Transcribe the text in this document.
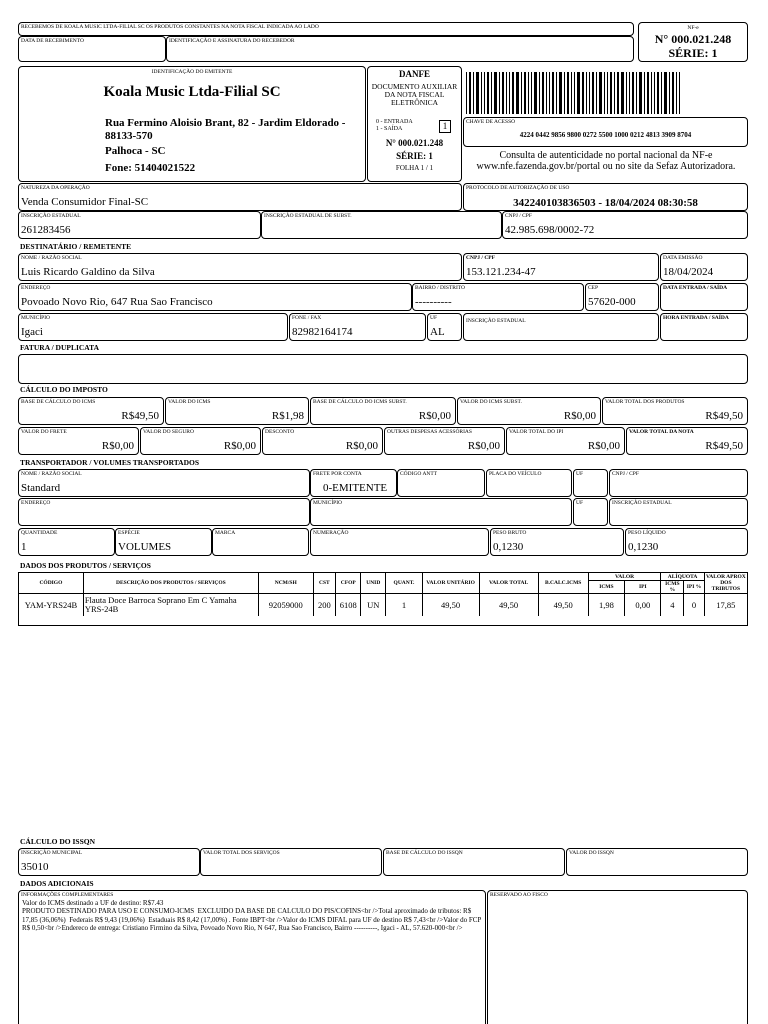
RECEBEMOS DE KOALA MUSIC LTDA-FILIAL SC OS PRODUTOS CONSTANTES NA NOTA FISCAL INDICADA AO LADO
DATA DE RECEBIMENTO	IDENTIFICAÇÃO E ASSINATURA DO RECEBEDOR
NF-e
N° 000.021.248
SÉRIE: 1
IDENTIFICAÇÃO DO EMITENTE
Koala Music Ltda-Filial SC
Rua Fermino Aloisio Brant, 82 - Jardim Eldorado - 88133-570
Palhoca - SC
Fone: 51404021522
DANFE
DOCUMENTO AUXILIAR
DA NOTA FISCAL
ELETRÔNICA
0 - ENTRADA
1 - SAÍDA	1
N° 000.021.248
SÉRIE: 1
FOLHA 1 / 1
CHAVE DE ACESSO
4224 0442 9856 9800 0272 5500 1000 0212 4813 3909 8704
Consulta de autenticidade no portal nacional da NF-e www.nfe.fazenda.gov.br/portal ou no site da Sefaz Autorizadora.
NATUREZA DA OPERAÇÃO
Venda Consumidor Final-SC
PROTOCOLO DE AUTORIZAÇÃO DE USO
342240103836503 - 18/04/2024 08:30:58
INSCRIÇÃO ESTADUAL
261283456
INSCRIÇÃO ESTADUAL DE SUBST.	CNPJ / CPF
42.985.698/0002-72
DESTINATÁRIO / REMETENTE
NOME / RAZÃO SOCIAL
Luis Ricardo Galdino da Silva
CNPJ / CPF
153.121.234-47
DATA EMISSÃO
18/04/2024
ENDEREÇO
Povoado Novo Rio, 647 Rua Sao Francisco
BAIRRO / DISTRITO
----------
CEP
57620-000
DATA ENTRADA / SAÍDA
MUNICÍPIO
Igaci
FONE / FAX
82982164174
UF
AL
INSCRIÇÃO ESTADUAL	HORA ENTRADA / SAÍDA
FATURA / DUPLICATA
CÁLCULO DO IMPOSTO
BASE DE CÁLCULO DO ICMS
R$49,50
VALOR DO ICMS
R$1,98
BASE DE CÁLCULO DO ICMS SUBST.
R$0,00
VALOR DO ICMS SUBST.
R$0,00
VALOR TOTAL DOS PRODUTOS
R$49,50
VALOR DO FRETE
R$0,00
VALOR DO SEGURO
R$0,00
DESCONTO
R$0,00
OUTRAS DESPESAS ACESSÓRIAS
R$0,00
VALOR TOTAL DO IPI
R$0,00
VALOR TOTAL DA NOTA
R$49,50
TRANSPORTADOR / VOLUMES TRANSPORTADOS
NOME / RAZÃO SOCIAL
Standard
FRETE POR CONTA
0-EMITENTE
CÓDIGO ANTT	PLACA DO VEÍCULO	UF	CNPJ / CPF
ENDEREÇO	MUNICÍPIO	UF	INSCRIÇÃO ESTADUAL
QUANTIDADE
1
ESPÉCIE
VOLUMES
MARCA	NUMERAÇÃO	PESO BRUTO
0,1230
PESO LÍQUIDO
0,1230
DADOS DOS PRODUTOS / SERVIÇOS
CÓDIGO	DESCRIÇÃO DOS PRODUTOS / SERVIÇOS	NCM/SH	CST	CFOP	UNID	QUANT.	VALOR UNITÁRIO	VALOR TOTAL	B.CALC.ICMS	VALOR		ALÍQUOTA		VALOR APROX DOS TRIBUTOS
										ICMS	IPI	ICMS %	IPI %	
YAM-YRS24B	Flauta Doce Barroca Soprano Em C Yamaha YRS-24B	92059000	200	6108	UN	1	49,50	49,50	49,50	1,98	0,00	4	0	17,85
CÁLCULO DO ISSQN
INSCRIÇÃO MUNICIPAL
35010
VALOR TOTAL DOS SERVIÇOS	BASE DE CÁLCULO DO ISSQN	VALOR DO ISSQN
DADOS ADICIONAIS
INFORMAÇÕES COMPLEMENTARES
Valor do ICMS destinado a UF de destino: R$7.43
PRODUTO DESTINADO PARA USO E CONSUMO-ICMS  EXCLUIDO DA BASE DE CALCULO DO PIS/COFINS<br />Total aproximado de tributos: R$ 17,85 (36,06%)  Federais R$ 9,43 (19,06%)  Estaduais R$ 8,42 (17,00%) . Fonte IBPT<br />Valor do ICMS DIFAL para UF de destino R$ 7,43<br />Valor do FCP R$ 0,50<br />Endereco de entrega: Cristiano Firmino da Silva, Povoado Novo Rio, N 647, Rua Sao Francisco, Bairro ----------, Igaci - AL, 57.620-000<br />
RESERVADO AO FISCO
